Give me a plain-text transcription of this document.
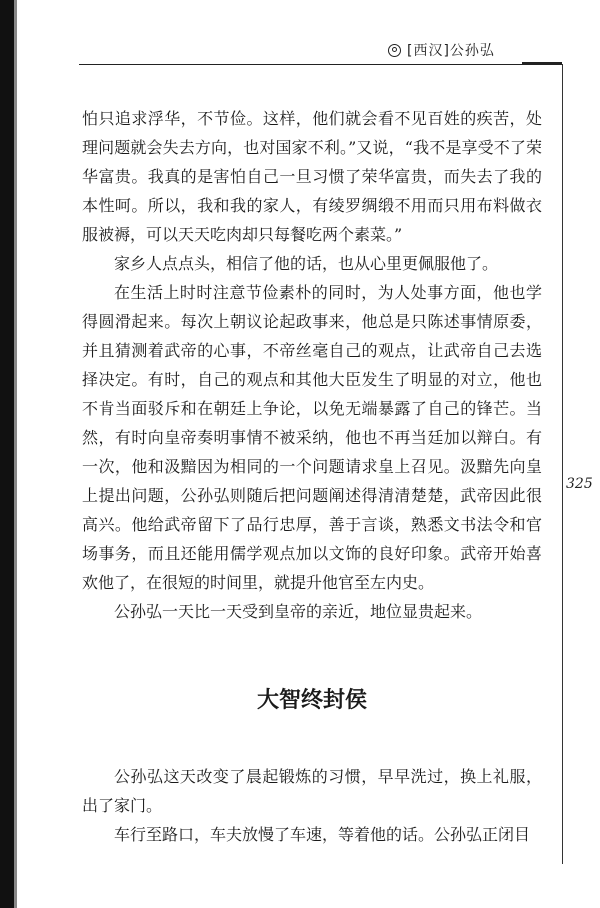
[西汉]公孙弘
325

怕只追求浮华，不节俭。这样，他们就会看不见百姓的疾苦，处理问题就会失去方向，也对国家不利。”又说，“我不是享受不了荣华富贵。我真的是害怕自己一旦习惯了荣华富贵，而失去了我的本性呵。所以，我和我的家人，有绫罗绸缎不用而只用布料做衣服被褥，可以天天吃肉却只每餐吃两个素菜。”

家乡人点点头，相信了他的话，也从心里更佩服他了。

在生活上时时注意节俭素朴的同时，为人处事方面，他也学得圆滑起来。每次上朝议论起政事来，他总是只陈述事情原委，并且猜测着武帝的心事，不帝丝毫自己的观点，让武帝自己去选择决定。有时，自己的观点和其他大臣发生了明显的对立，他也不肯当面驳斥和在朝廷上争论，以免无端暴露了自己的锋芒。当然，有时向皇帝奏明事情不被采纳，他也不再当廷加以辩白。有一次，他和汲黯因为相同的一个问题请求皇上召见。汲黯先向皇上提出问题，公孙弘则随后把问题阐述得清清楚楚，武帝因此很高兴。他给武帝留下了品行忠厚，善于言谈，熟悉文书法令和官场事务，而且还能用儒学观点加以文饰的良好印象。武帝开始喜欢他了，在很短的时间里，就提升他官至左内史。

公孙弘一天比一天受到皇帝的亲近，地位显贵起来。

大智终封侯

公孙弘这天改变了晨起锻炼的习惯，早早洗过，换上礼服，出了家门。

车行至路口，车夫放慢了车速，等着他的话。公孙弘正闭目
